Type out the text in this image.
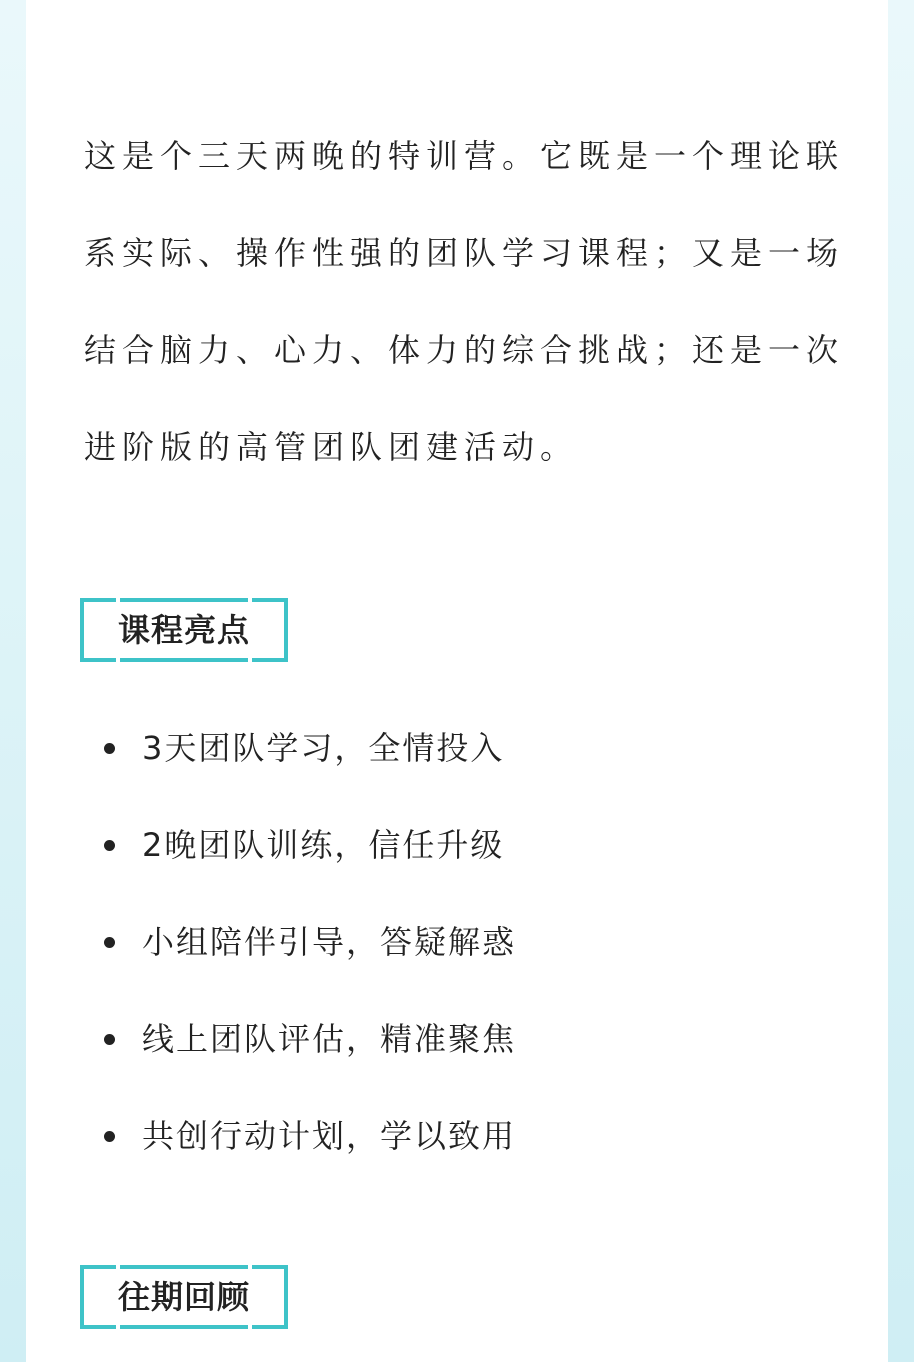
这是个三天两晚的特训营。它既是一个理论联系实际、操作性强的团队学习课程；又是一场结合脑力、心力、体力的综合挑战；还是一次进阶版的高管团队团建活动。

课程亮点
3天团队学习，全情投入
2晚团队训练，信任升级
小组陪伴引导，答疑解惑
线上团队评估，精准聚焦
共创行动计划，学以致用
往期回顾
